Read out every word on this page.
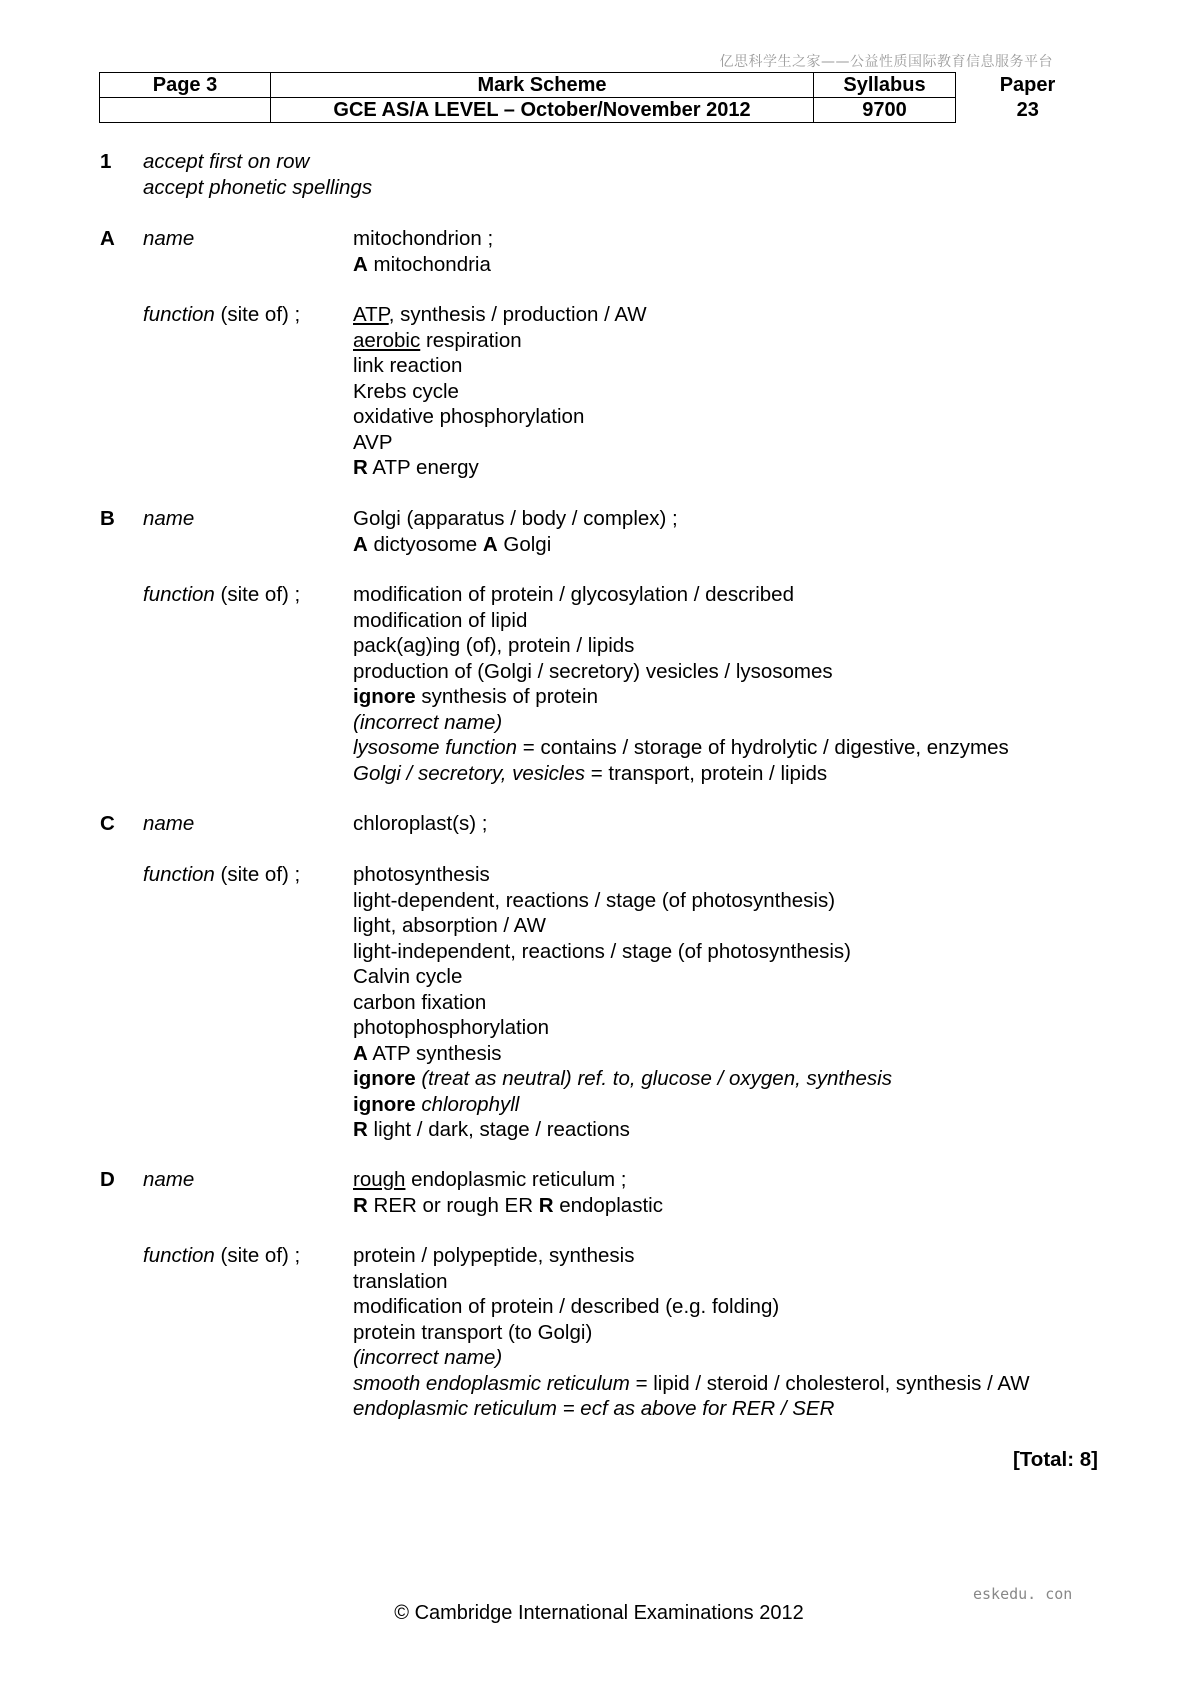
亿思科学生之家——公益性质国际教育信息服务平台
Page 3	Mark Scheme	Syllabus	Paper
	GCE AS/A LEVEL – October/November 2012	9700	23
1 accept first on row
accept phonetic spellings
A name	mitochondrion ;
A mitochondria
function (site of) ;	ATP, synthesis / production / AW
aerobic respiration
link reaction
Krebs cycle
oxidative phosphorylation
AVP
R ATP energy
B name	Golgi (apparatus / body / complex) ;
A dictyosome A Golgi
function (site of) ;	modification of protein / glycosylation / described
modification of lipid
pack(ag)ing (of), protein / lipids
production of (Golgi / secretory) vesicles / lysosomes
ignore synthesis of protein
(incorrect name)
lysosome function = contains / storage of hydrolytic / digestive, enzymes
Golgi / secretory, vesicles = transport, protein / lipids
C name	chloroplast(s) ;
function (site of) ;	photosynthesis
light-dependent, reactions / stage (of photosynthesis)
light, absorption / AW
light-independent, reactions / stage (of photosynthesis)
Calvin cycle
carbon fixation
photophosphorylation
A ATP synthesis
ignore (treat as neutral) ref. to, glucose / oxygen, synthesis
ignore chlorophyll
R light / dark, stage / reactions
D name	rough endoplasmic reticulum ;
R RER or rough ER R endoplastic
function (site of) ;	protein / polypeptide, synthesis
translation
modification of protein / described (e.g. folding)
protein transport (to Golgi)
(incorrect name)
smooth endoplasmic reticulum = lipid / steroid / cholesterol, synthesis / AW
endoplasmic reticulum = ecf as above for RER / SER
[Total: 8]
eskedu. con
© Cambridge International Examinations 2012
